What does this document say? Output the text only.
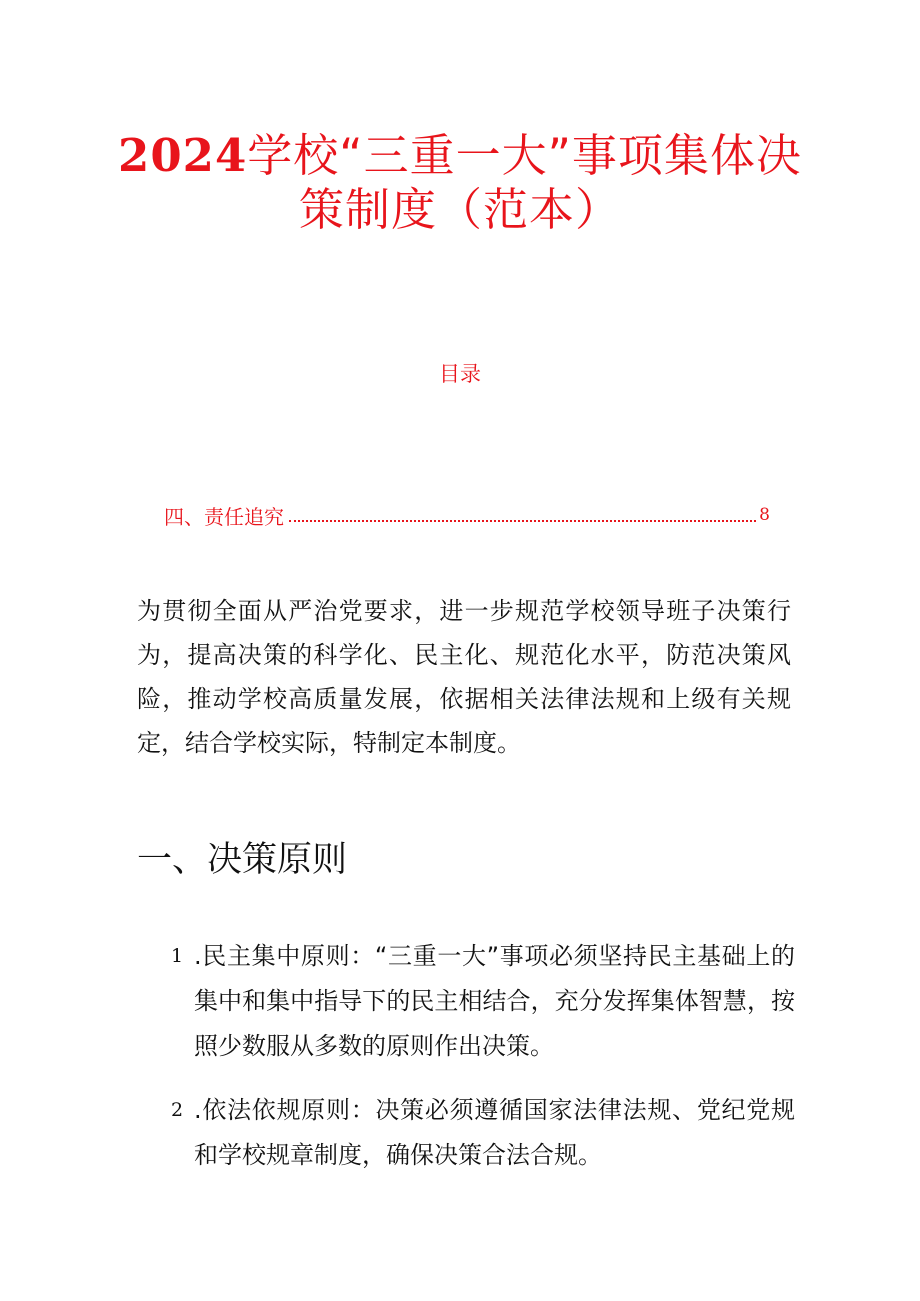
2024学校“三重一大”事项集体决
策制度（范本）
目录
四、责任追究	8

为贯彻全面从严治党要求，进一步规范学校领导班子决策行为，提高决策的科学化、民主化、规范化水平，防范决策风险，推动学校高质量发展，依据相关法律法规和上级有关规定，结合学校实际，特制定本制度。

一、决策原则
1 .民主集中原则：“三重一大”事项必须坚持民主基础上的集中和集中指导下的民主相结合，充分发挥集体智慧，按照少数服从多数的原则作出决策。
2 .依法依规原则：决策必须遵循国家法律法规、党纪党规和学校规章制度，确保决策合法合规。
